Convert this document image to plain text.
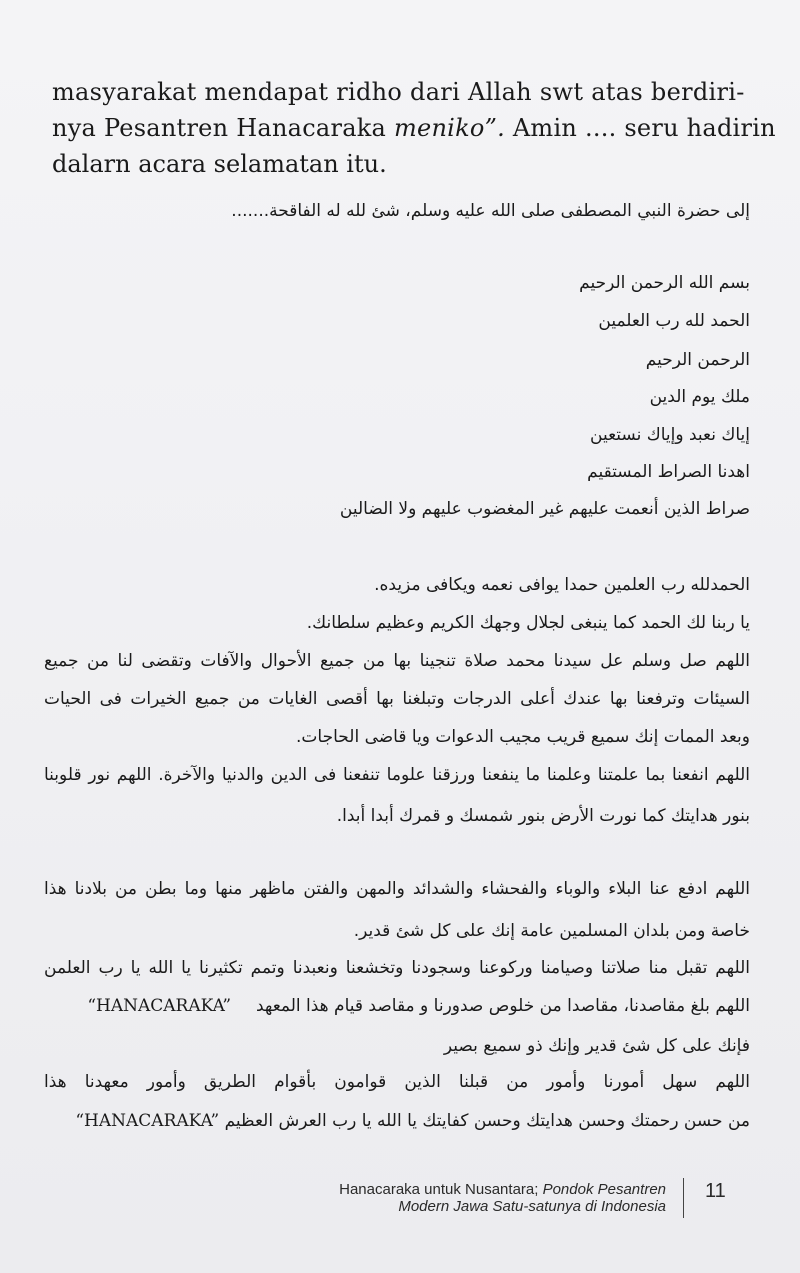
masyarakat mendapat ridho dari Allah swt atas berdiri-
nya Pesantren Hanacaraka meniko”. Amin .... seru hadirin
dalarn acara selamatan itu.
إلى حضرة النبي المصطفى صلى الله عليه وسلم، شئ لله له الفاقحة.......
بسم الله الرحمن الرحيم
الحمد لله رب العلمين
الرحمن الرحيم
ملك يوم الدين
إياك نعبد وإياك نستعين
اهدنا الصراط المستقيم
صراط الذين أنعمت عليهم غير المغضوب عليهم ولا الضالين
الحمدلله رب العلمين حمدا يوافى نعمه ويكافى مزيده.
يا ربنا لك الحمد كما ينبغى لجلال وجهك الكريم وعظيم سلطانك.
اللهم صل وسلم عل سيدنا محمد صلاة تنجينا بها من جميع الأحوال والآفات وتقضى لنا من جميع
السيئات وترفعنا بها عندك أعلى الدرجات وتبلغنا بها أقصى الغايات من جميع الخيرات فى الحيات
وبعد الممات إنك سميع قريب مجيب الدعوات ويا قاضى الحاجات.
اللهم انفعنا بما علمتنا وعلمنا ما ينفعنا ورزقنا علوما تنفعنا فى الدين والدنيا والآخرة. اللهم نور قلوبنا
بنور هدايتك كما نورت الأرض بنور شمسك و قمرك أبدا أبدا.
اللهم ادفع عنا البلاء والوباء والفحشاء والشدائد والمهن والفتن ماظهر منها وما بطن من بلادنا هذا
خاصة ومن بلدان المسلمين عامة إنك على كل شئ قدير.
اللهم تقبل منا صلاتنا وصيامنا وركوعنا وسجودنا وتخشعنا ونعبدنا وتمم تكثيرنا يا الله يا رب العلمن
اللهم بلغ مقاصدنا، مقاصدا من خلوص صدورنا و مقاصد قيام هذا المعهد  “HANACARAKA”
فإنك على كل شئ قدير وإنك ذو سميع بصير
اللهم سهل أمورنا وأمور من قبلنا الذين قوامون بأقوام الطريق وأمور معهدنا هذا
من حسن رحمتك وحسن هدايتك وحسن كفايتك يا الله يا رب العرش العظيم “HANACARAKA”
Hanacaraka untuk Nusantara; Pondok Pesantren
Modern Jawa Satu-satunya di Indonesia
11
